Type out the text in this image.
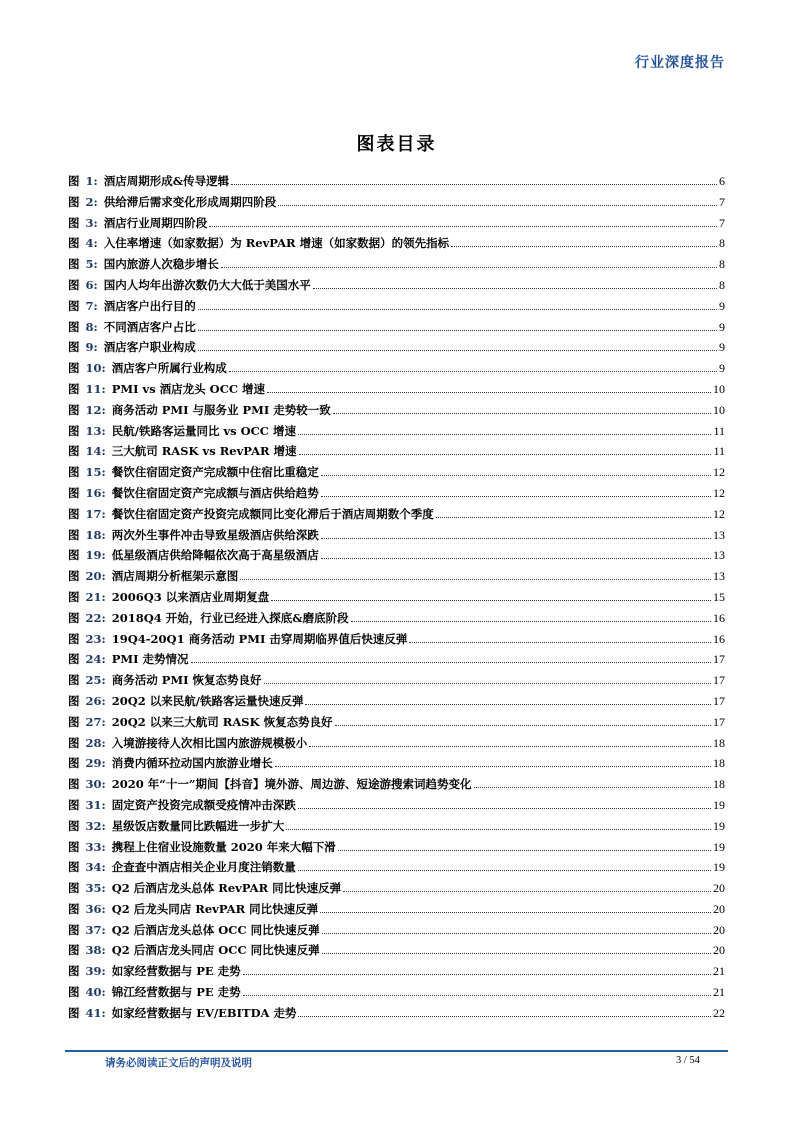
行业深度报告
图表目录
图 1: 酒店周期形成&传导逻辑	6
图 2: 供给滞后需求变化形成周期四阶段	7
图 3: 酒店行业周期四阶段	7
图 4: 入住率增速（如家数据）为 RevPAR 增速（如家数据）的领先指标	8
图 5: 国内旅游人次稳步增长	8
图 6: 国内人均年出游次数仍大大低于美国水平	8
图 7: 酒店客户出行目的	9
图 8: 不同酒店客户占比	9
图 9: 酒店客户职业构成	9
图 10: 酒店客户所属行业构成	9
图 11: PMI vs 酒店龙头 OCC 增速	10
图 12: 商务活动 PMI 与服务业 PMI 走势较一致	10
图 13: 民航/铁路客运量同比 vs OCC 增速	11
图 14: 三大航司 RASK vs RevPAR 增速	11
图 15: 餐饮住宿固定资产完成额中住宿比重稳定	12
图 16: 餐饮住宿固定资产完成额与酒店供给趋势	12
图 17: 餐饮住宿固定资产投资完成额同比变化滞后于酒店周期数个季度	12
图 18: 两次外生事件冲击导致星级酒店供给深跌	13
图 19: 低星级酒店供给降幅依次高于高星级酒店	13
图 20: 酒店周期分析框架示意图	13
图 21: 2006Q3 以来酒店业周期复盘	15
图 22: 2018Q4 开始，行业已经进入探底&磨底阶段	16
图 23: 19Q4-20Q1 商务活动 PMI 击穿周期临界值后快速反弹	16
图 24: PMI 走势情况	17
图 25: 商务活动 PMI 恢复态势良好	17
图 26: 20Q2 以来民航/铁路客运量快速反弹	17
图 27: 20Q2 以来三大航司 RASK 恢复态势良好	17
图 28: 入境游接待人次相比国内旅游规模极小	18
图 29: 消费内循环拉动国内旅游业增长	18
图 30: 2020 年“十一”期间【抖音】境外游、周边游、短途游搜索词趋势变化	18
图 31: 固定资产投资完成额受疫情冲击深跌	19
图 32: 星级饭店数量同比跌幅进一步扩大	19
图 33: 携程上住宿业设施数量 2020 年来大幅下滑	19
图 34: 企查查中酒店相关企业月度注销数量	19
图 35: Q2 后酒店龙头总体 RevPAR 同比快速反弹	20
图 36: Q2 后龙头同店 RevPAR 同比快速反弹	20
图 37: Q2 后酒店龙头总体 OCC 同比快速反弹	20
图 38: Q2 后酒店龙头同店 OCC 同比快速反弹	20
图 39: 如家经营数据与 PE 走势	21
图 40: 锦江经营数据与 PE 走势	21
图 41: 如家经营数据与 EV/EBITDA 走势	22
请务必阅读正文后的声明及说明	3 / 54
